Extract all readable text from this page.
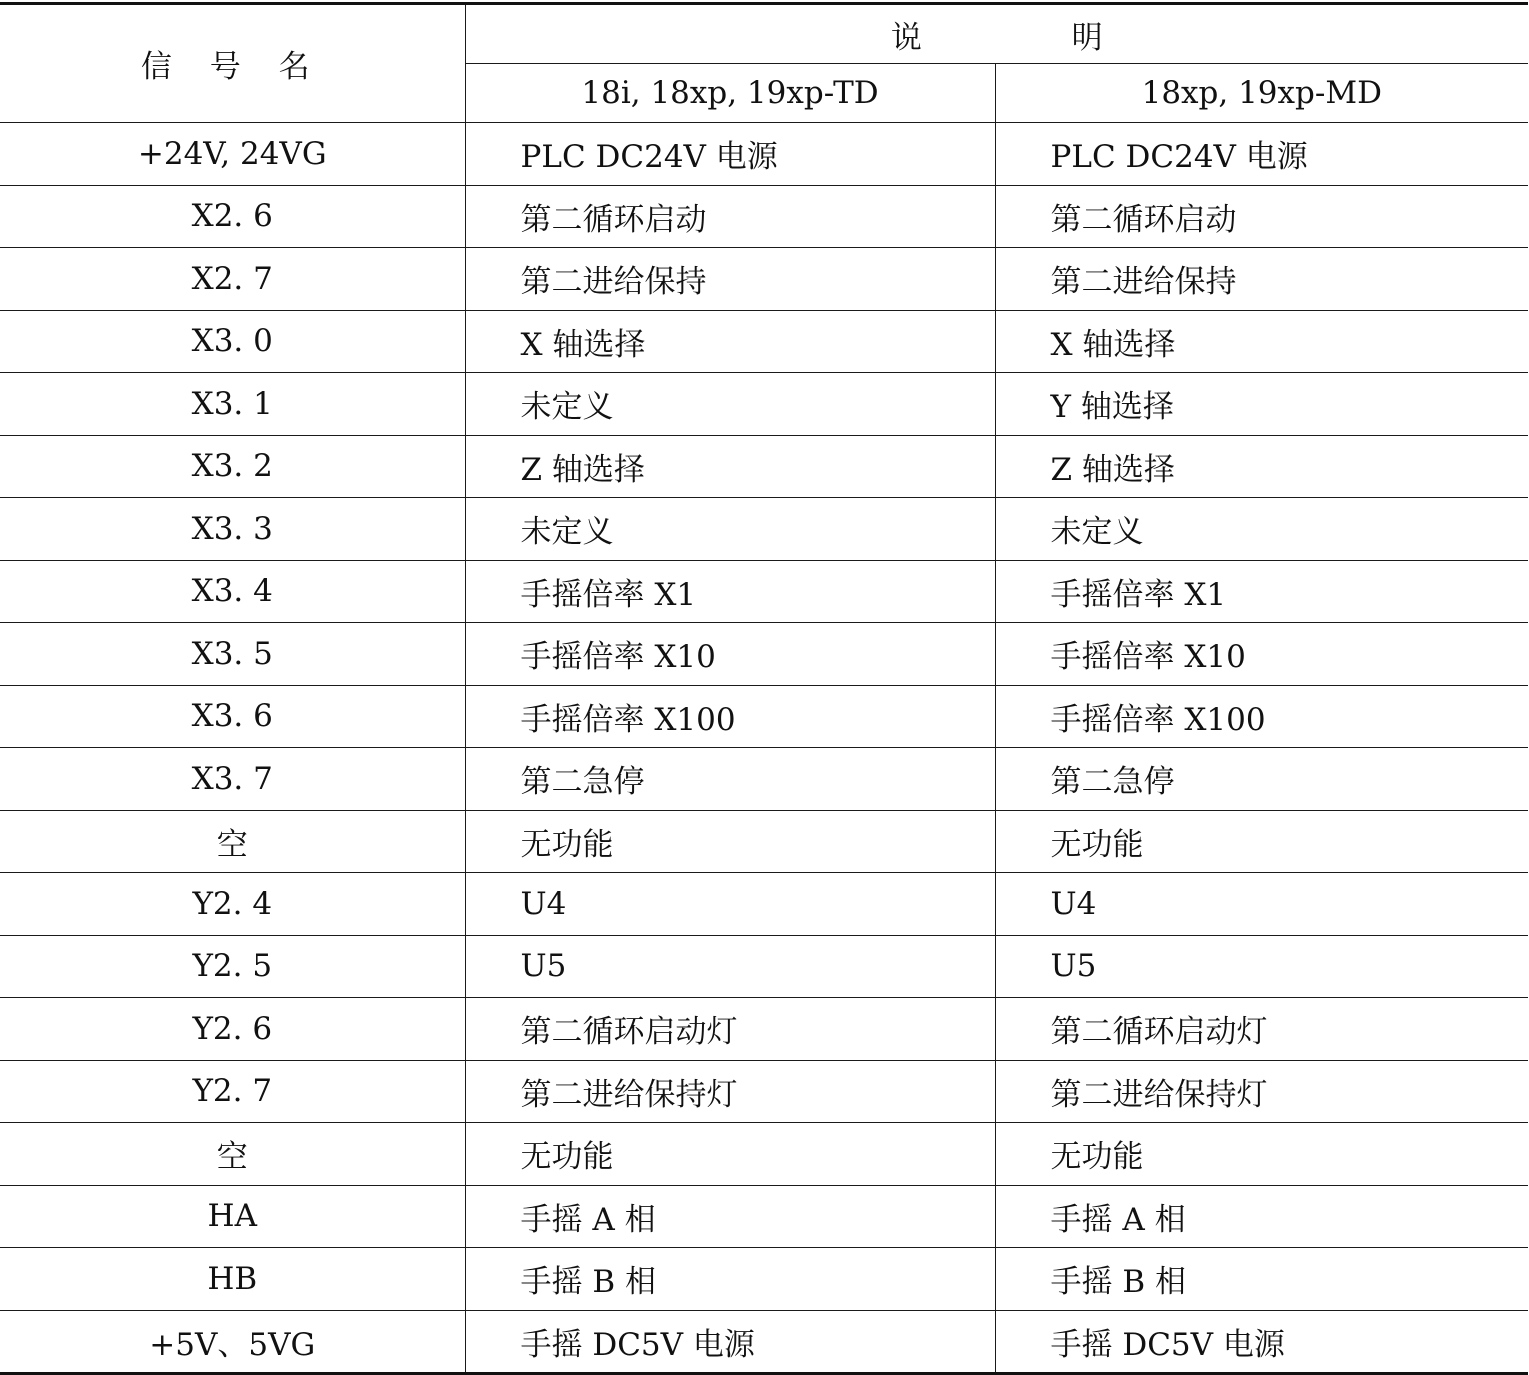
信 号 名	说 明	
	18i, 18xp, 19xp-TD	18xp, 19xp-MD
+24V, 24VG	PLC DC24V 电源	PLC DC24V 电源
X2. 6	第二循环启动	第二循环启动
X2. 7	第二进给保持	第二进给保持
X3. 0	X 轴选择	X 轴选择
X3. 1	未定义	Y 轴选择
X3. 2	Z 轴选择	Z 轴选择
X3. 3	未定义	未定义
X3. 4	手摇倍率 X1	手摇倍率 X1
X3. 5	手摇倍率 X10	手摇倍率 X10
X3. 6	手摇倍率 X100	手摇倍率 X100
X3. 7	第二急停	第二急停
空	无功能	无功能
Y2. 4	U4	U4
Y2. 5	U5	U5
Y2. 6	第二循环启动灯	第二循环启动灯
Y2. 7	第二进给保持灯	第二进给保持灯
空	无功能	无功能
HA	手摇 A 相	手摇 A 相
HB	手摇 B 相	手摇 B 相
+5V、5VG	手摇 DC5V 电源	手摇 DC5V 电源
